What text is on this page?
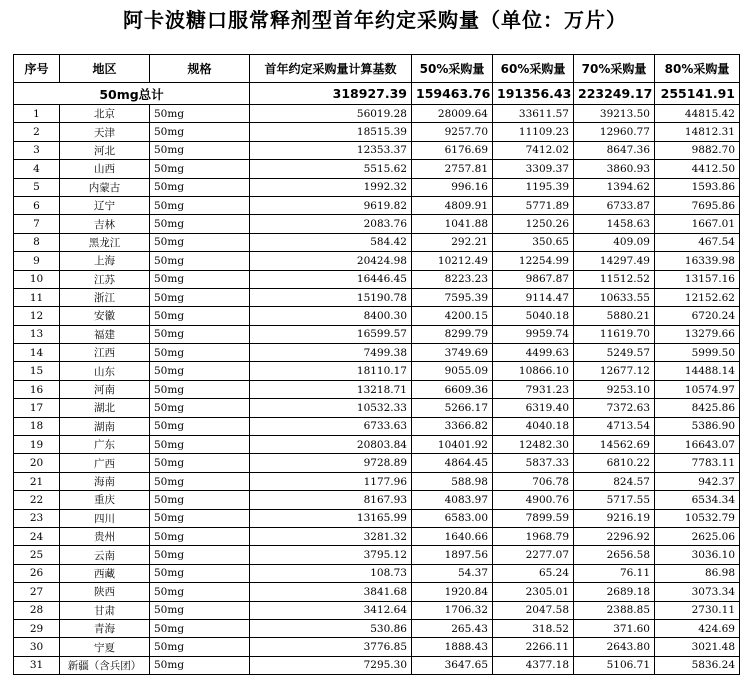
阿卡波糖口服常释剂型首年约定采购量（单位：万片）
序号	地区	规格	首年约定采购量计算基数	50%采购量	60%采购量	70%采购量	80%采购量
50mg总计			318927.39	159463.76	191356.43	223249.17	255141.91
1	北京	50mg	56019.28	28009.64	33611.57	39213.50	44815.42
2	天津	50mg	18515.39	9257.70	11109.23	12960.77	14812.31
3	河北	50mg	12353.37	6176.69	7412.02	8647.36	9882.70
4	山西	50mg	5515.62	2757.81	3309.37	3860.93	4412.50
5	内蒙古	50mg	1992.32	996.16	1195.39	1394.62	1593.86
6	辽宁	50mg	9619.82	4809.91	5771.89	6733.87	7695.86
7	吉林	50mg	2083.76	1041.88	1250.26	1458.63	1667.01
8	黑龙江	50mg	584.42	292.21	350.65	409.09	467.54
9	上海	50mg	20424.98	10212.49	12254.99	14297.49	16339.98
10	江苏	50mg	16446.45	8223.23	9867.87	11512.52	13157.16
11	浙江	50mg	15190.78	7595.39	9114.47	10633.55	12152.62
12	安徽	50mg	8400.30	4200.15	5040.18	5880.21	6720.24
13	福建	50mg	16599.57	8299.79	9959.74	11619.70	13279.66
14	江西	50mg	7499.38	3749.69	4499.63	5249.57	5999.50
15	山东	50mg	18110.17	9055.09	10866.10	12677.12	14488.14
16	河南	50mg	13218.71	6609.36	7931.23	9253.10	10574.97
17	湖北	50mg	10532.33	5266.17	6319.40	7372.63	8425.86
18	湖南	50mg	6733.63	3366.82	4040.18	4713.54	5386.90
19	广东	50mg	20803.84	10401.92	12482.30	14562.69	16643.07
20	广西	50mg	9728.89	4864.45	5837.33	6810.22	7783.11
21	海南	50mg	1177.96	588.98	706.78	824.57	942.37
22	重庆	50mg	8167.93	4083.97	4900.76	5717.55	6534.34
23	四川	50mg	13165.99	6583.00	7899.59	9216.19	10532.79
24	贵州	50mg	3281.32	1640.66	1968.79	2296.92	2625.06
25	云南	50mg	3795.12	1897.56	2277.07	2656.58	3036.10
26	西藏	50mg	108.73	54.37	65.24	76.11	86.98
27	陕西	50mg	3841.68	1920.84	2305.01	2689.18	3073.34
28	甘肃	50mg	3412.64	1706.32	2047.58	2388.85	2730.11
29	青海	50mg	530.86	265.43	318.52	371.60	424.69
30	宁夏	50mg	3776.85	1888.43	2266.11	2643.80	3021.48
31	新疆（含兵团）	50mg	7295.30	3647.65	4377.18	5106.71	5836.24
